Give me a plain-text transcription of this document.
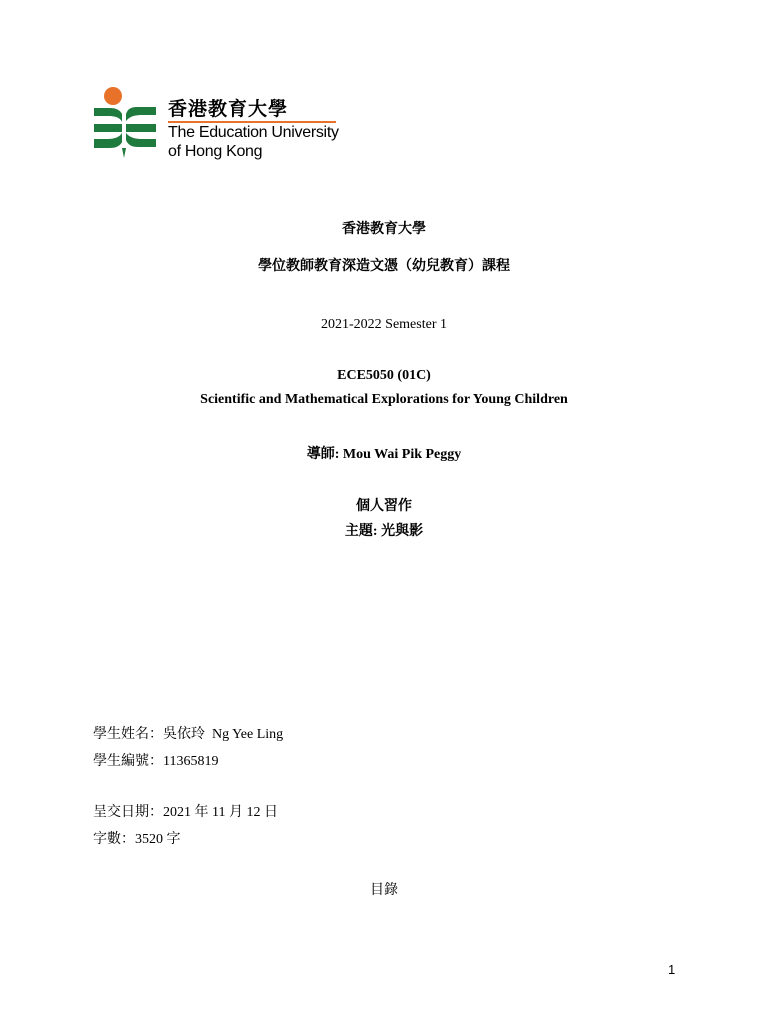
香港教育大學
The Education University
of Hong Kong
香港教育大學
學位教師教育深造文憑（幼兒教育）課程
2021-2022 Semester 1
ECE5050 (01C)
Scientific and Mathematical Explorations for Young Children
導師: Mou Wai Pik Peggy
個人習作
主題: 光與影
學生姓名：吳依玲  Ng Yee Ling
學生編號：11365819
呈交日期：2021 年 11 月 12 日
字數：3520 字
目錄
1
